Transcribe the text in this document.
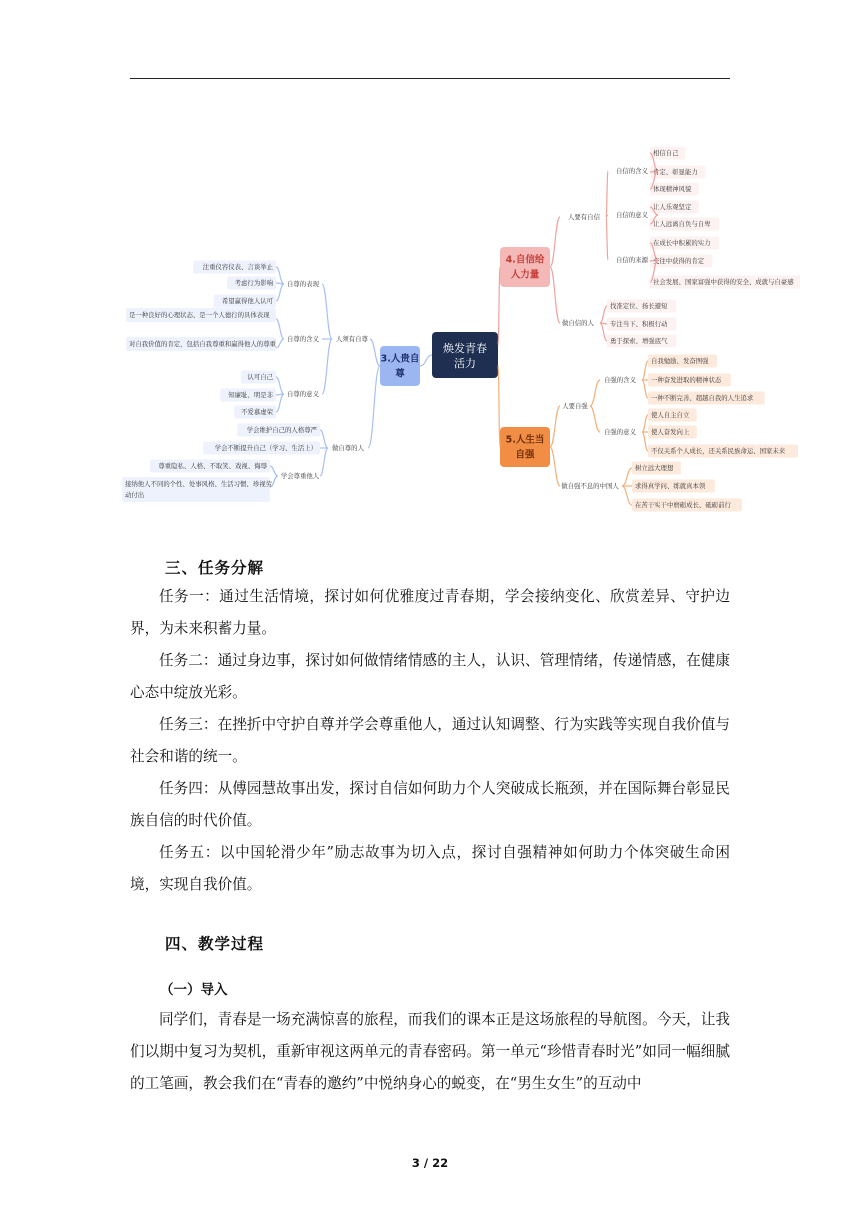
焕发青春
活力
4.自信给
人力量
人要有自信
自信的含义
相信自己
肯定、彰显能力
体现精神风貌
自信的意义
让人乐观坚定
让人远离自负与自卑
自信的来源
在成长中积累的实力
交往中获得的肯定
社会发展、国家富强中获得的安全、成就与自豪感
做自信的人
找准定位、扬长避短
专注当下、积极行动
勇于探索、增强底气
5.人生当
自强
人要自强
自强的含义
自我勉励、发奋图强
一种奋发进取的精神状态
一种不断完善、超越自我的人生追求
自强的意义
使人自主自立
使人奋发向上
不仅关系个人成长，还关系民族命运、国家未来
做自强不息的中国人
树立远大理想
求得真学问、练就真本领
在苦干实干中磨砺成长、砥砺前行
3.人贵自
尊
人须有自尊
自尊的表现
注重仪容仪表、言谈举止
考虑行为影响
希望赢得他人认可
自尊的含义
是一种良好的心理状态、是一个人德行的具体表现
对自我价值的肯定，包括自我尊重和赢得他人的尊重
自尊的意义
认可自己
知廉耻、明是非
不爱慕虚荣
做自尊的人
学会维护自己的人格尊严
学会不断提升自己（学习、生活上）
学会尊重他人
尊重隐私、人格、不取笑、戏视、侮辱
接纳他人不同的个性、处事风格、生活习惯、珍视劳
动付出
三、任务分解

任务一：通过生活情境，探讨如何优雅度过青春期，学会接纳变化、欣赏差异、守护边界，为未来积蓄力量。

任务二：通过身边事，探讨如何做情绪情感的主人，认识、管理情绪，传递情感，在健康心态中绽放光彩。

任务三：在挫折中守护自尊并学会尊重他人，通过认知调整、行为实践等实现自我价值与社会和谐的统一。

任务四：从傅园慧故事出发，探讨自信如何助力个人突破成长瓶颈，并在国际舞台彰显民族自信的时代价值。

任务五：以中国轮滑少年”励志故事为切入点，探讨自强精神如何助力个体突破生命困境，实现自我价值。

四、教学过程
（一）导入

同学们，青春是一场充满惊喜的旅程，而我们的课本正是这场旅程的导航图。今天，让我们以期中复习为契机，重新审视这两单元的青春密码。第一单元“珍惜青春时光”如同一幅细腻的工笔画，教会我们在“青春的邀约”中悦纳身心的蜕变，在“男生女生”的互动中

3 / 22
